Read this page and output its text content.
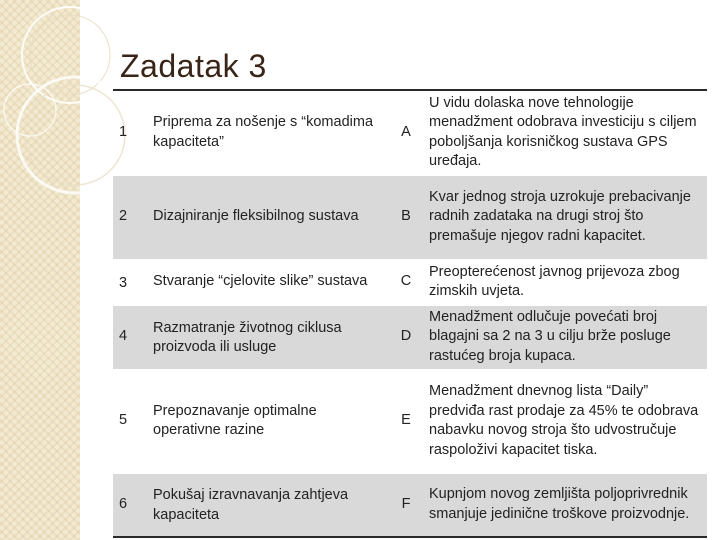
Zadatak 3
1	Priprema za nošenje s “komadima kapaciteta”	A	U vidu dolaska nove tehnologije menadžment odobrava investiciju s ciljem poboljšanja korisničkog sustava GPS uređaja.
2	Dizajniranje fleksibilnog sustava	B	Kvar jednog stroja uzrokuje prebacivanje radnih zadataka na drugi stroj što premašuje njegov radni kapacitet.
3	Stvaranje “cjelovite slike” sustava	C	Preopterećenost javnog prijevoza zbog zimskih uvjeta.
4	Razmatranje životnog ciklusa proizvoda ili usluge	D	Menadžment odlučuje povećati broj blagajni sa 2 na 3 u cilju brže posluge rastućeg broja kupaca.
5	Prepoznavanje optimalne operativne razine	E	Menadžment dnevnog lista “Daily” predviđa rast prodaje za 45% te odobrava nabavku novog stroja što udvostručuje raspoloživi kapacitet tiska.
6	Pokušaj izravnavanja zahtjeva kapaciteta	F	Kupnjom novog zemljišta poljoprivrednik smanjuje jedinične troškove proizvodnje.
